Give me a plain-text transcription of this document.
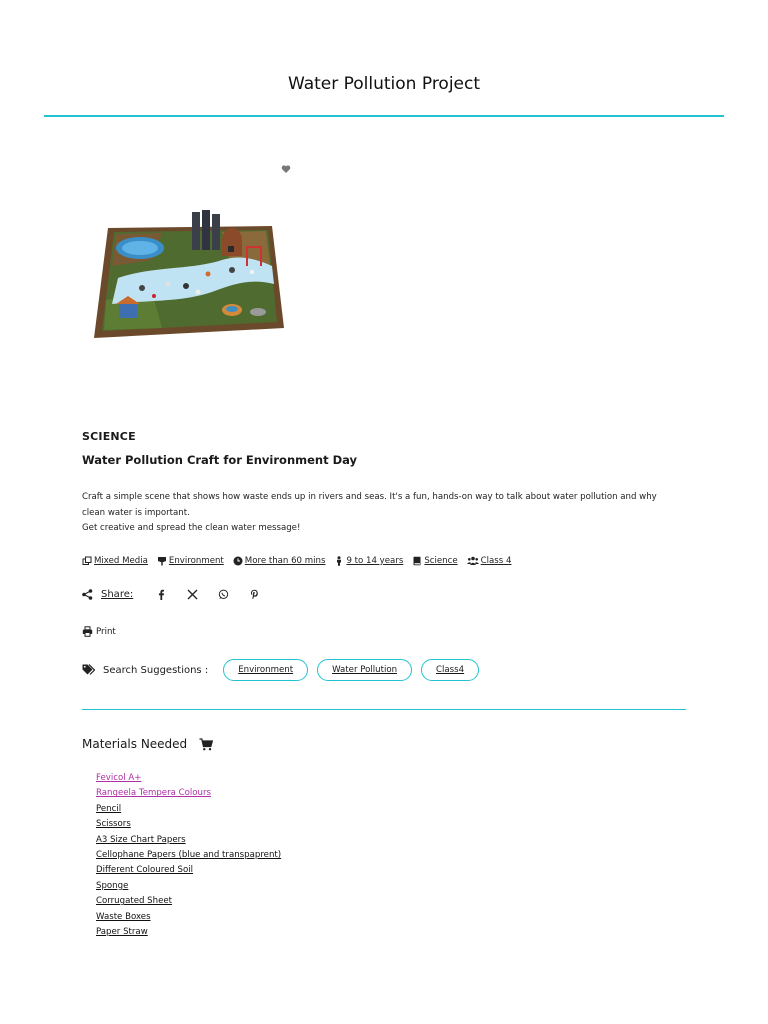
Water Pollution Project
SCIENCE
Water Pollution Craft for Environment Day

Craft a simple scene that shows how waste ends up in rivers and seas. It's a fun, hands-on way to talk about water pollution and why clean water is important.

Get creative and spread the clean water message!

Mixed Media Environment More than 60 mins 9 to 14 years Science	Class 4
Share:
Print
Search Suggestions :	Environment	Water Pollution	Class4
Materials Needed
Fevicol A+
Rangeela Tempera Colours
Pencil
Scissors
A3 Size Chart Papers
Cellophane Papers (blue and transpaprent)
Different Coloured Soil
Sponge
Corrugated Sheet
Waste Boxes
Paper Straw
